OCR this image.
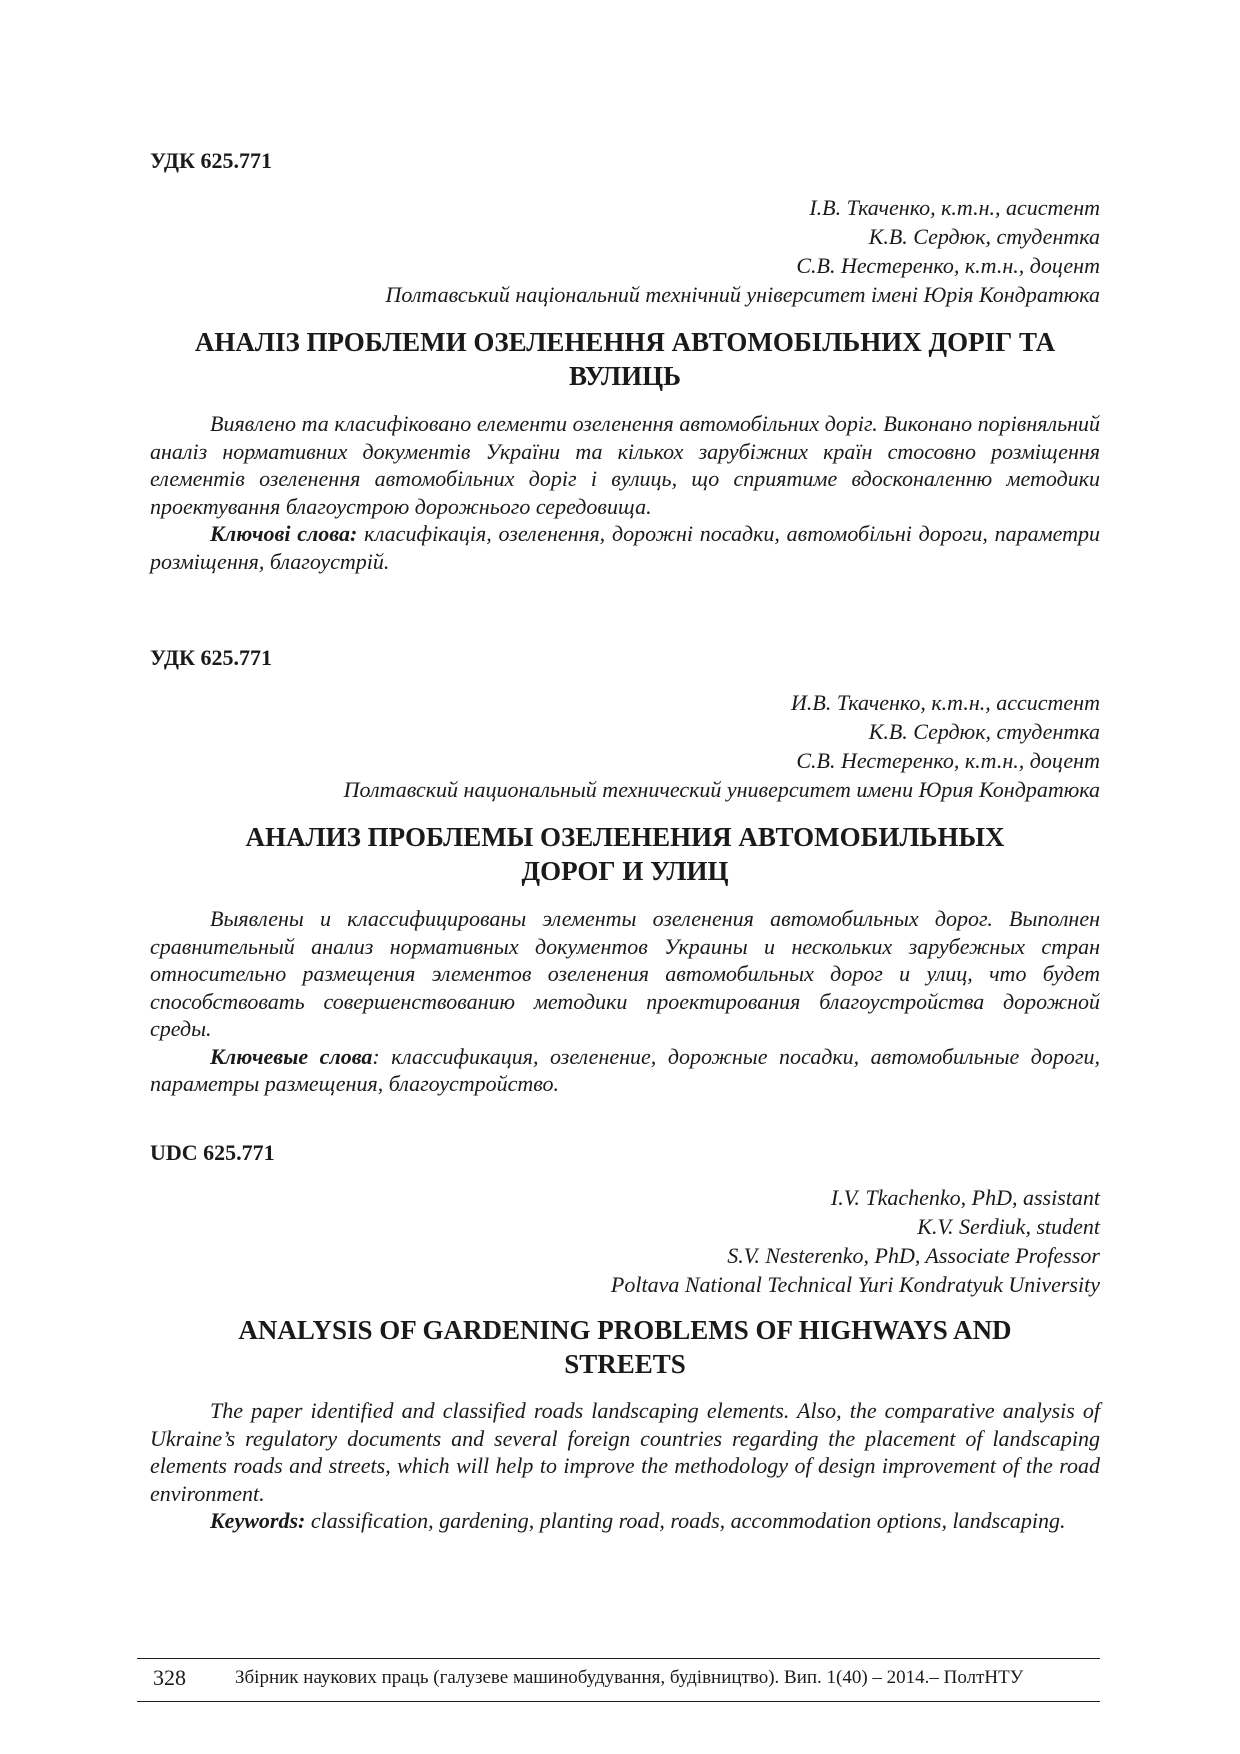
УДК 625.771
І.В. Ткаченко, к.т.н., асистент
К.В. Сердюк, студентка
С.В. Нестеренко, к.т.н., доцент
Полтавський національний технічний університет імені Юрія Кондратюка
АНАЛІЗ ПРОБЛЕМИ ОЗЕЛЕНЕННЯ АВТОМОБІЛЬНИХ ДОРІГ ТА
ВУЛИЦЬ

Виявлено та класифіковано елементи озеленення автомобільних доріг. Виконано порівняльний аналіз нормативних документів України та кількох зарубіжних країн стосовно розміщення елементів озеленення автомобільних доріг і вулиць, що сприятиме вдосконаленню методики проектування благоустрою дорожнього середовища.

Ключові слова: класифікація, озеленення, дорожні посадки, автомобільні дороги, параметри розміщення, благоустрій.

УДК 625.771
И.В. Ткаченко, к.т.н., ассистент
К.В. Сердюк, студентка
С.В. Нестеренко, к.т.н., доцент
Полтавский национальный технический университет имени Юрия Кондратюка
АНАЛИЗ ПРОБЛЕМЫ ОЗЕЛЕНЕНИЯ АВТОМОБИЛЬНЫХ
ДОРОГ И УЛИЦ

Выявлены и классифицированы элементы озеленения автомобильных дорог. Выполнен сравнительный анализ нормативных документов Украины и нескольких зарубежных стран относительно размещения элементов озеленения автомобильных дорог и улиц, что будет способствовать совершенствованию методики проектирования благоустройства дорожной среды.

Ключевые слова: классификация, озеленение, дорожные посадки, автомобильные дороги, параметры размещения, благоустройство.

UDC 625.771
I.V. Tkachenko, PhD, assistant
K.V. Serdiuk, student
S.V. Nesterenko, PhD, Associate Professor
Poltava National Technical Yuri Kondratyuk University
ANALYSIS OF GARDENING PROBLEMS OF HIGHWAYS AND
STREETS

The paper identified and classified roads landscaping elements. Also, the comparative analysis of Ukraine’s regulatory documents and several foreign countries regarding the placement of landscaping elements roads and streets, which will help to improve the methodology of design improvement of the road environment.

Keywords: classification, gardening, planting road, roads, accommodation options, landscaping.

328	Збірник наукових праць (галузеве машинобудування, будівництво). Вип. 1(40) – 2014.– ПолтНТУ
